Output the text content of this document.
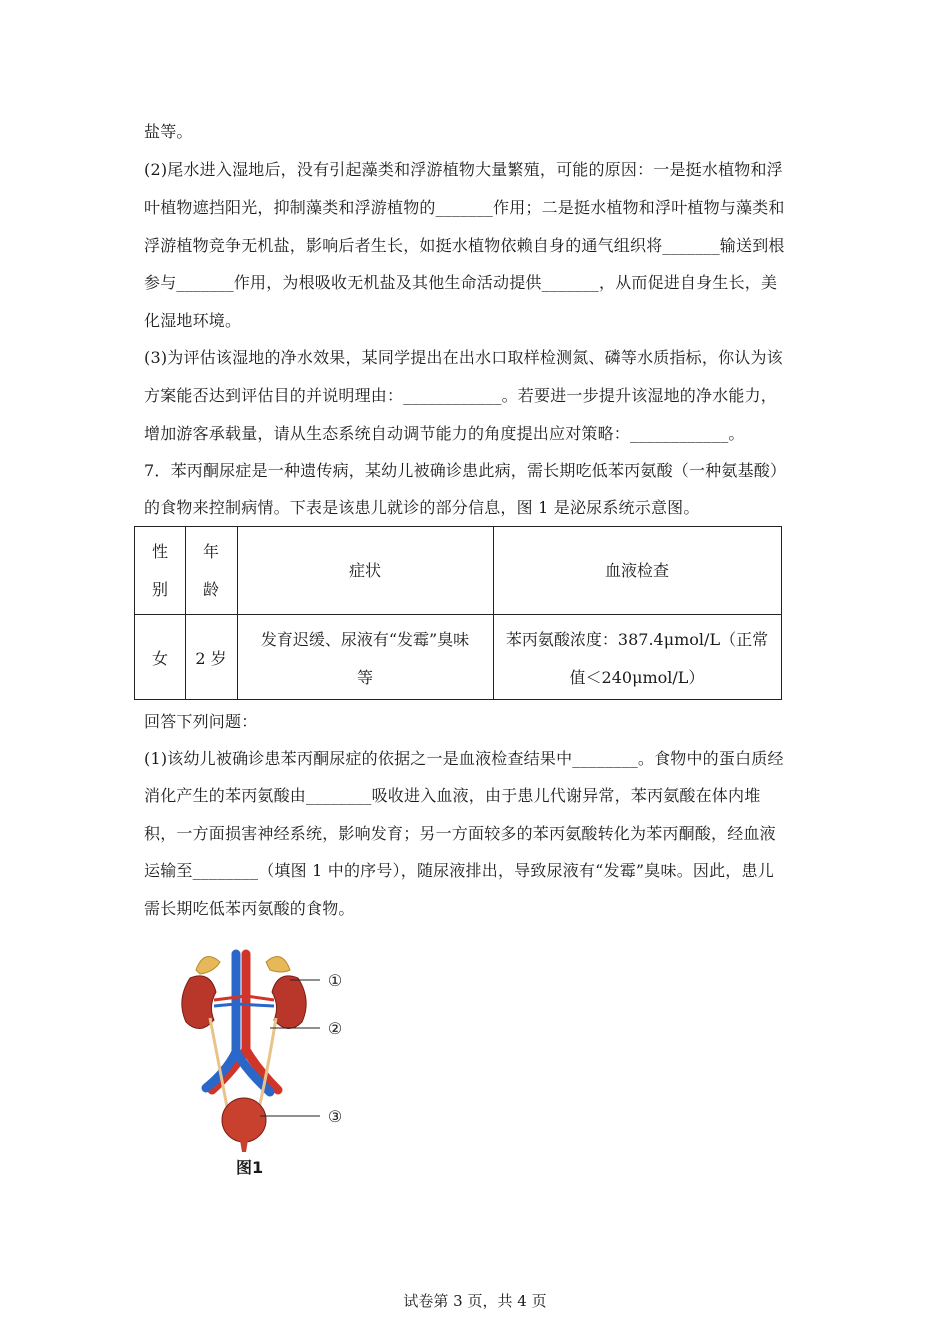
盐等。
(2)尾水进入湿地后，没有引起藻类和浮游植物大量繁殖，可能的原因：一是挺水植物和浮
叶植物遮挡阳光，抑制藻类和浮游植物的_______作用；二是挺水植物和浮叶植物与藻类和
浮游植物竞争无机盐，影响后者生长，如挺水植物依赖自身的通气组织将_______输送到根
参与_______作用，为根吸收无机盐及其他生命活动提供_______，从而促进自身生长，美
化湿地环境。
(3)为评估该湿地的净水效果，某同学提出在出水口取样检测氮、磷等水质指标，你认为该
方案能否达到评估目的并说明理由：____________。若要进一步提升该湿地的净水能力，
增加游客承载量，请从生态系统自动调节能力的角度提出应对策略：____________。
7．苯丙酮尿症是一种遗传病，某幼儿被确诊患此病，需长期吃低苯丙氨酸（一种氨基酸）
的食物来控制病情。下表是该患儿就诊的部分信息，图 1 是泌尿系统示意图。
性
别
年
龄
症状	血液检查
女	2 岁
发育迟缓、尿液有“发霉”臭味
等
苯丙氨酸浓度：387.4μmol/L（正常
值＜240μmol/L）
回答下列问题：
(1)该幼儿被确诊患苯丙酮尿症的依据之一是血液检查结果中________。食物中的蛋白质经
消化产生的苯丙氨酸由________吸收进入血液，由于患儿代谢异常，苯丙氨酸在体内堆
积，一方面损害神经系统，影响发育；另一方面较多的苯丙氨酸转化为苯丙酮酸，经血液
运输至________（填图 1 中的序号），随尿液排出，导致尿液有“发霉”臭味。因此，患儿
需长期吃低苯丙氨酸的食物。
①
②
③
图1
试卷第 3 页，共 4 页
